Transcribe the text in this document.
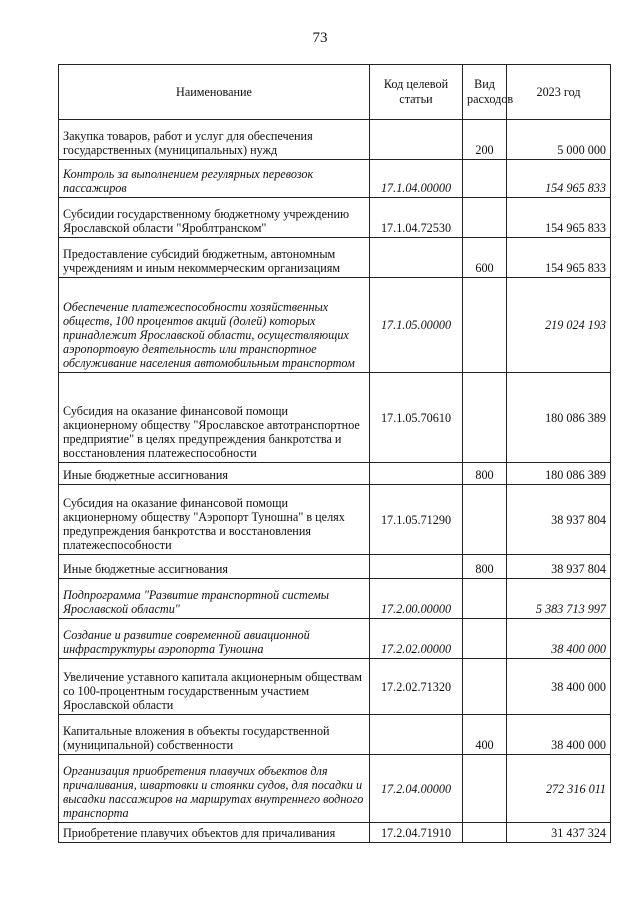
73
Наименование	Код целевой статьи	Вид расходов	2023 год
Закупка товаров, работ и услуг для обеспечения государственных (муниципальных) нужд		200	5 000 000
Контроль за выполнением регулярных перевозок пассажиров	17.1.04.00000		154 965 833
Субсидии государственному бюджетному учреждению Ярославской области "Яроблтранском"	17.1.04.72530		154 965 833
Предоставление субсидий бюджетным, автономным учреждениям и иным некоммерческим организациям		600	154 965 833
Обеспечение платежеспособности хозяйственных обществ, 100 процентов акций (долей) которых принадлежит Ярославской области, осуществляющих аэропортовую деятельность или транспортное обслуживание населения автомобильным транспортом	17.1.05.00000		219 024 193
Субсидия на оказание финансовой помощи акционерному обществу "Ярославское автотранспортное предприятие" в целях предупреждения банкротства и восстановления платежеспособности	17.1.05.70610		180 086 389
Иные бюджетные ассигнования		800	180 086 389
Субсидия на оказание финансовой помощи акционерному обществу "Аэропорт Туношна" в целях предупреждения банкротства и восстановления платежеспособности	17.1.05.71290		38 937 804
Иные бюджетные ассигнования		800	38 937 804
Подпрограмма "Развитие транспортной системы Ярославской области"	17.2.00.00000		5 383 713 997
Создание и развитие современной авиационной инфраструктуры аэропорта Туношна	17.2.02.00000		38 400 000
Увеличение уставного капитала акционерным обществам со 100-процентным государственным участием Ярославской области	17.2.02.71320		38 400 000
Капитальные вложения в объекты государственной (муниципальной) собственности		400	38 400 000
Организация приобретения плавучих объектов для причаливания, швартовки и стоянки судов, для посадки и высадки пассажиров на маршрутах внутреннего водного транспорта	17.2.04.00000		272 316 011
Приобретение плавучих объектов для причаливания	17.2.04.71910		31 437 324
